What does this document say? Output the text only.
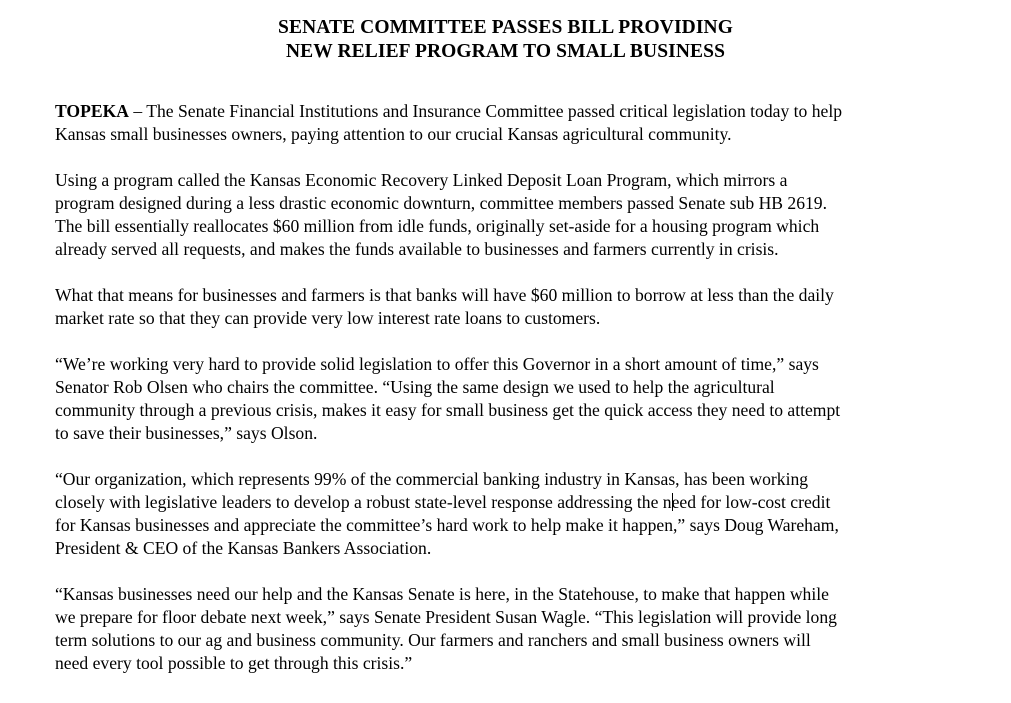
SENATE COMMITTEE PASSES BILL PROVIDING
NEW RELIEF PROGRAM TO SMALL BUSINESS
TOPEKA – The Senate Financial Institutions and Insurance Committee passed critical legislation today to help
Kansas small businesses owners, paying attention to our crucial Kansas agricultural community.
Using a program called the Kansas Economic Recovery Linked Deposit Loan Program, which mirrors a
program designed during a less drastic economic downturn, committee members passed Senate sub HB 2619.
The bill essentially reallocates $60 million from idle funds, originally set-aside for a housing program which
already served all requests, and makes the funds available to businesses and farmers currently in crisis.
What that means for businesses and farmers is that banks will have $60 million to borrow at less than the daily
market rate so that they can provide very low interest rate loans to customers.
“We’re working very hard to provide solid legislation to offer this Governor in a short amount of time,” says
Senator Rob Olsen who chairs the committee. “Using the same design we used to help the agricultural
community through a previous crisis, makes it easy for small business get the quick access they need to attempt
to save their businesses,” says Olson.
“Our organization, which represents 99% of the commercial banking industry in Kansas, has been working
closely with legislative leaders to develop a robust state-level response addressing the need for low-cost credit
for Kansas businesses and appreciate the committee’s hard work to help make it happen,” says Doug Wareham,
President & CEO of the Kansas Bankers Association.
“Kansas businesses need our help and the Kansas Senate is here, in the Statehouse, to make that happen while
we prepare for floor debate next week,” says Senate President Susan Wagle. “This legislation will provide long
term solutions to our ag and business community. Our farmers and ranchers and small business owners will
need every tool possible to get through this crisis.”
